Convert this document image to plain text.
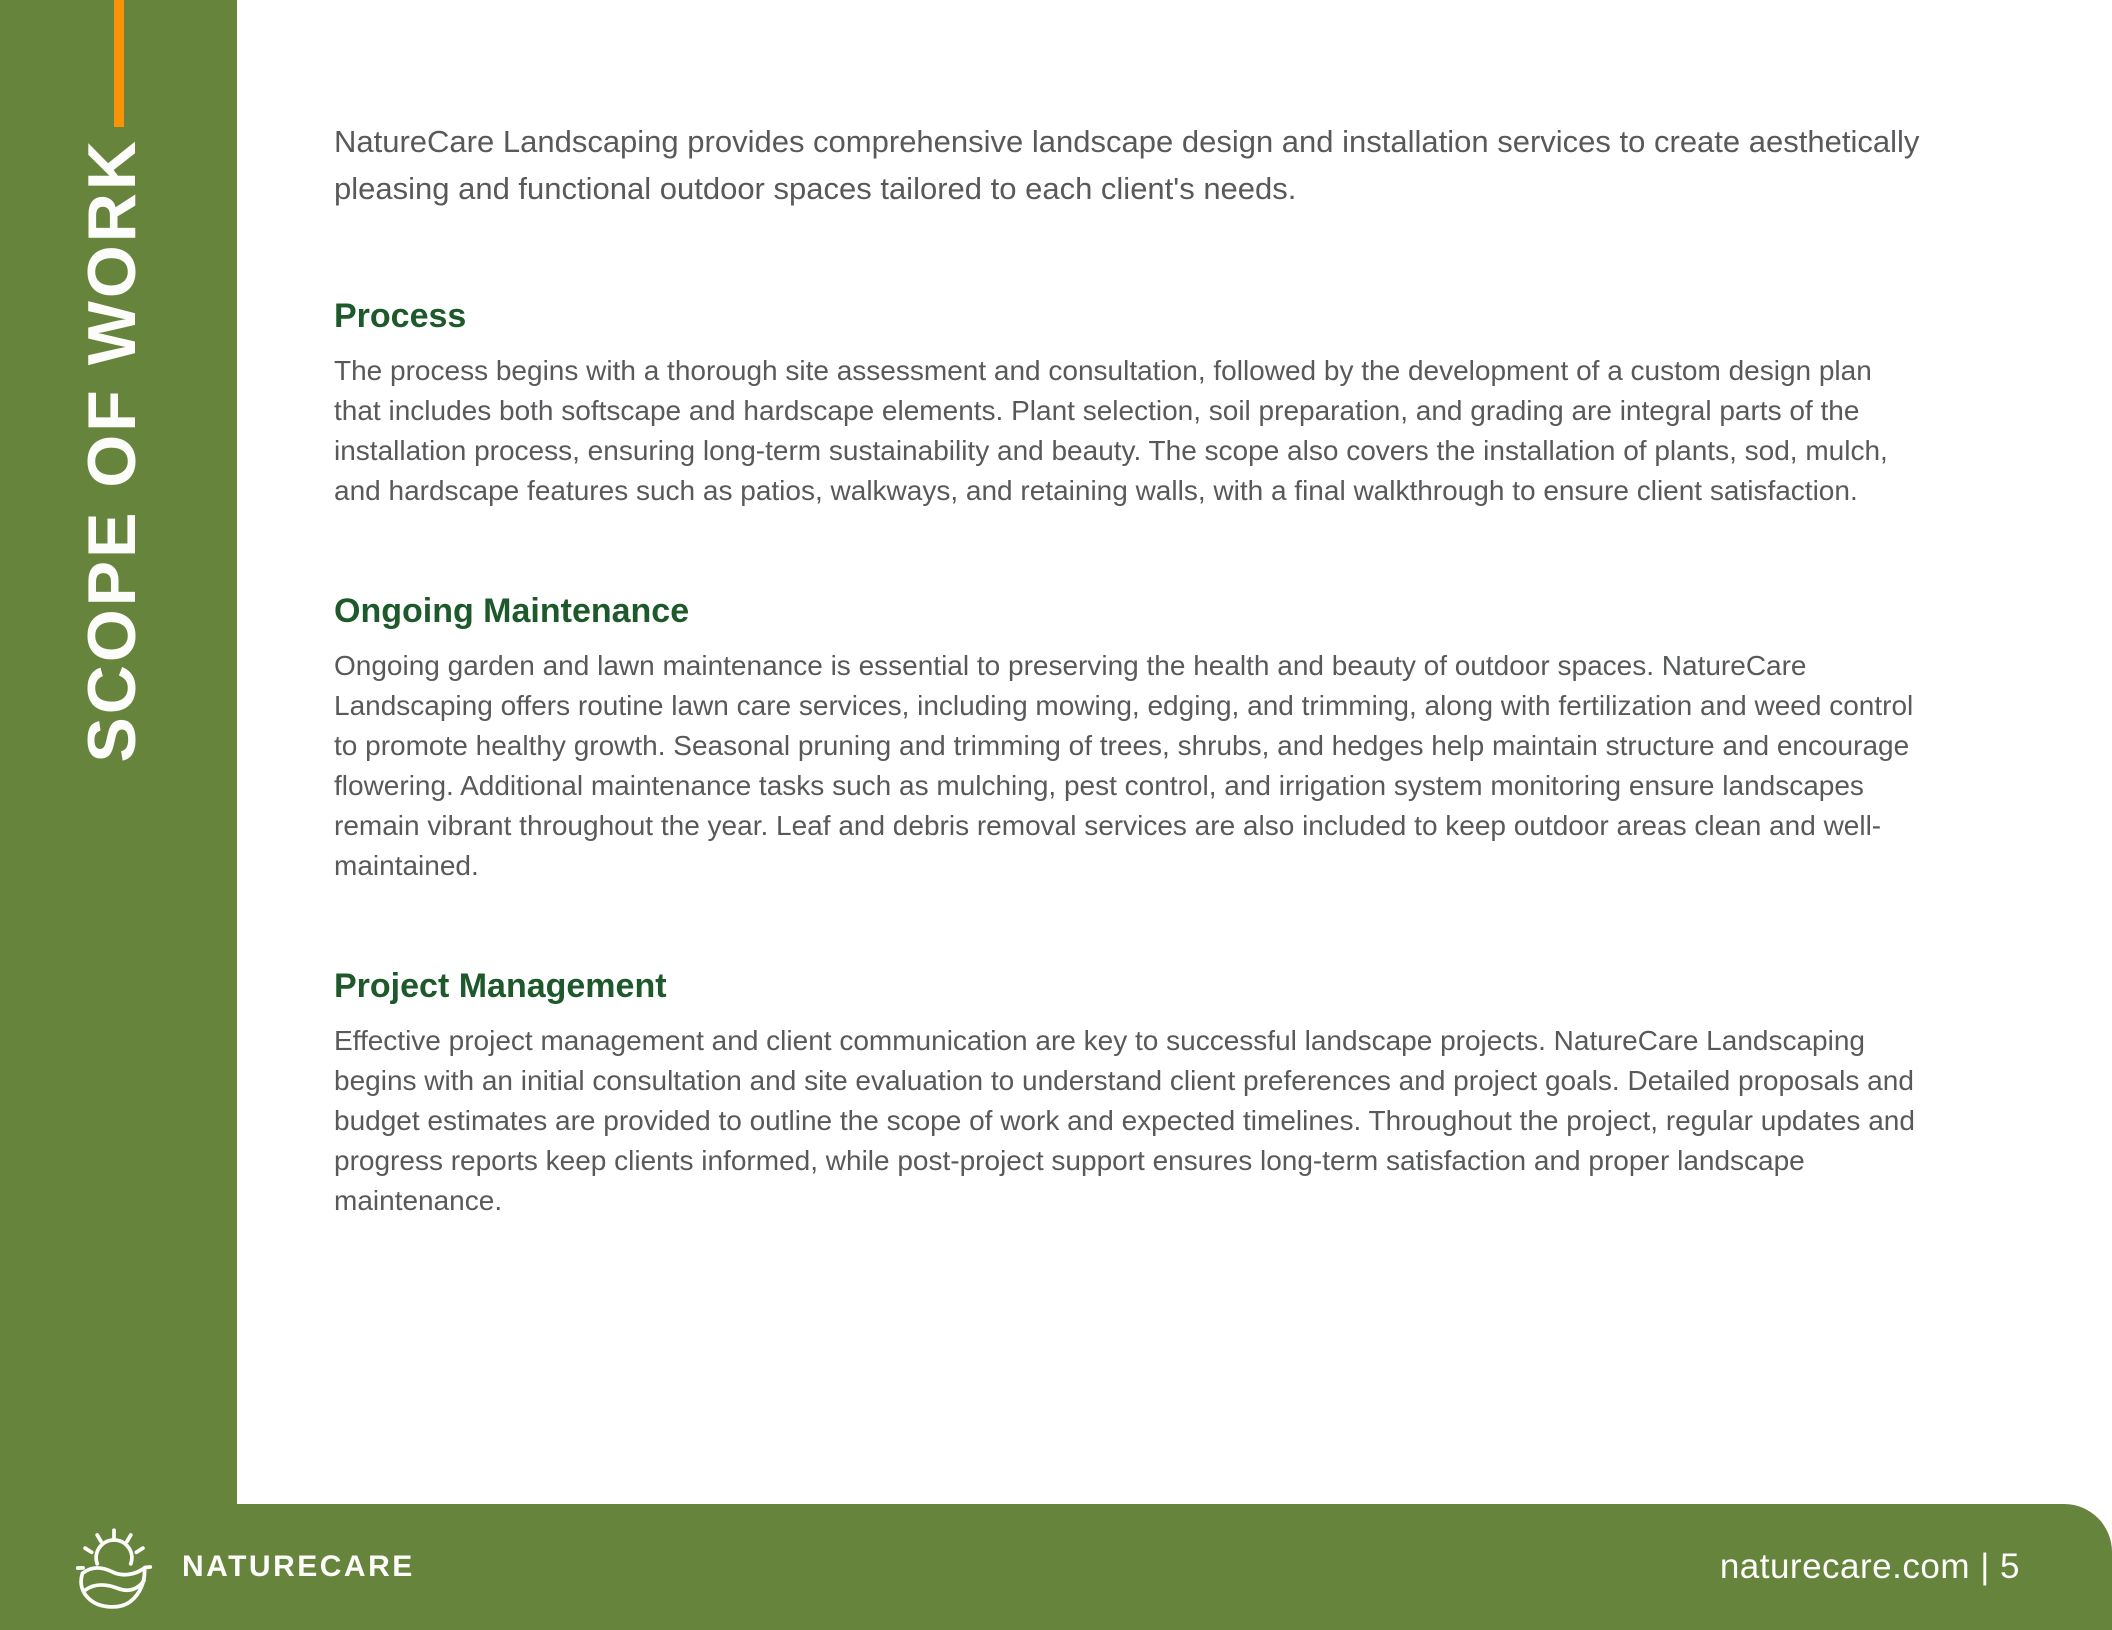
SCOPE OF WORK	NatureCare Landscaping provides comprehensive landscape design and installation services to create aesthetically pleasing and functional outdoor spaces tailored to each client's needs.

Process

The process begins with a thorough site assessment and consultation, followed by the development of a custom design plan that includes both softscape and hardscape elements. Plant selection, soil preparation, and grading are integral parts of the installation process, ensuring long-term sustainability and beauty. The scope also covers the installation of plants, sod, mulch, and hardscape features such as patios, walkways, and retaining walls, with a final walkthrough to ensure client satisfaction.

Ongoing Maintenance

Ongoing garden and lawn maintenance is essential to preserving the health and beauty of outdoor spaces. NatureCare Landscaping offers routine lawn care services, including mowing, edging, and trimming, along with fertilization and weed control to promote healthy growth. Seasonal pruning and trimming of trees, shrubs, and hedges help maintain structure and encourage flowering. Additional maintenance tasks such as mulching, pest control, and irrigation system monitoring ensure landscapes remain vibrant throughout the year. Leaf and debris removal services are also included to keep outdoor areas clean and well-maintained.

Project Management

Effective project management and client communication are key to successful landscape projects. NatureCare Landscaping begins with an initial consultation and site evaluation to understand client preferences and project goals. Detailed proposals and budget estimates are provided to outline the scope of work and expected timelines. Throughout the project, regular updates and progress reports keep clients informed, while post-project support ensures long-term satisfaction and proper landscape maintenance.

NATURECARE	naturecare.com | 5
